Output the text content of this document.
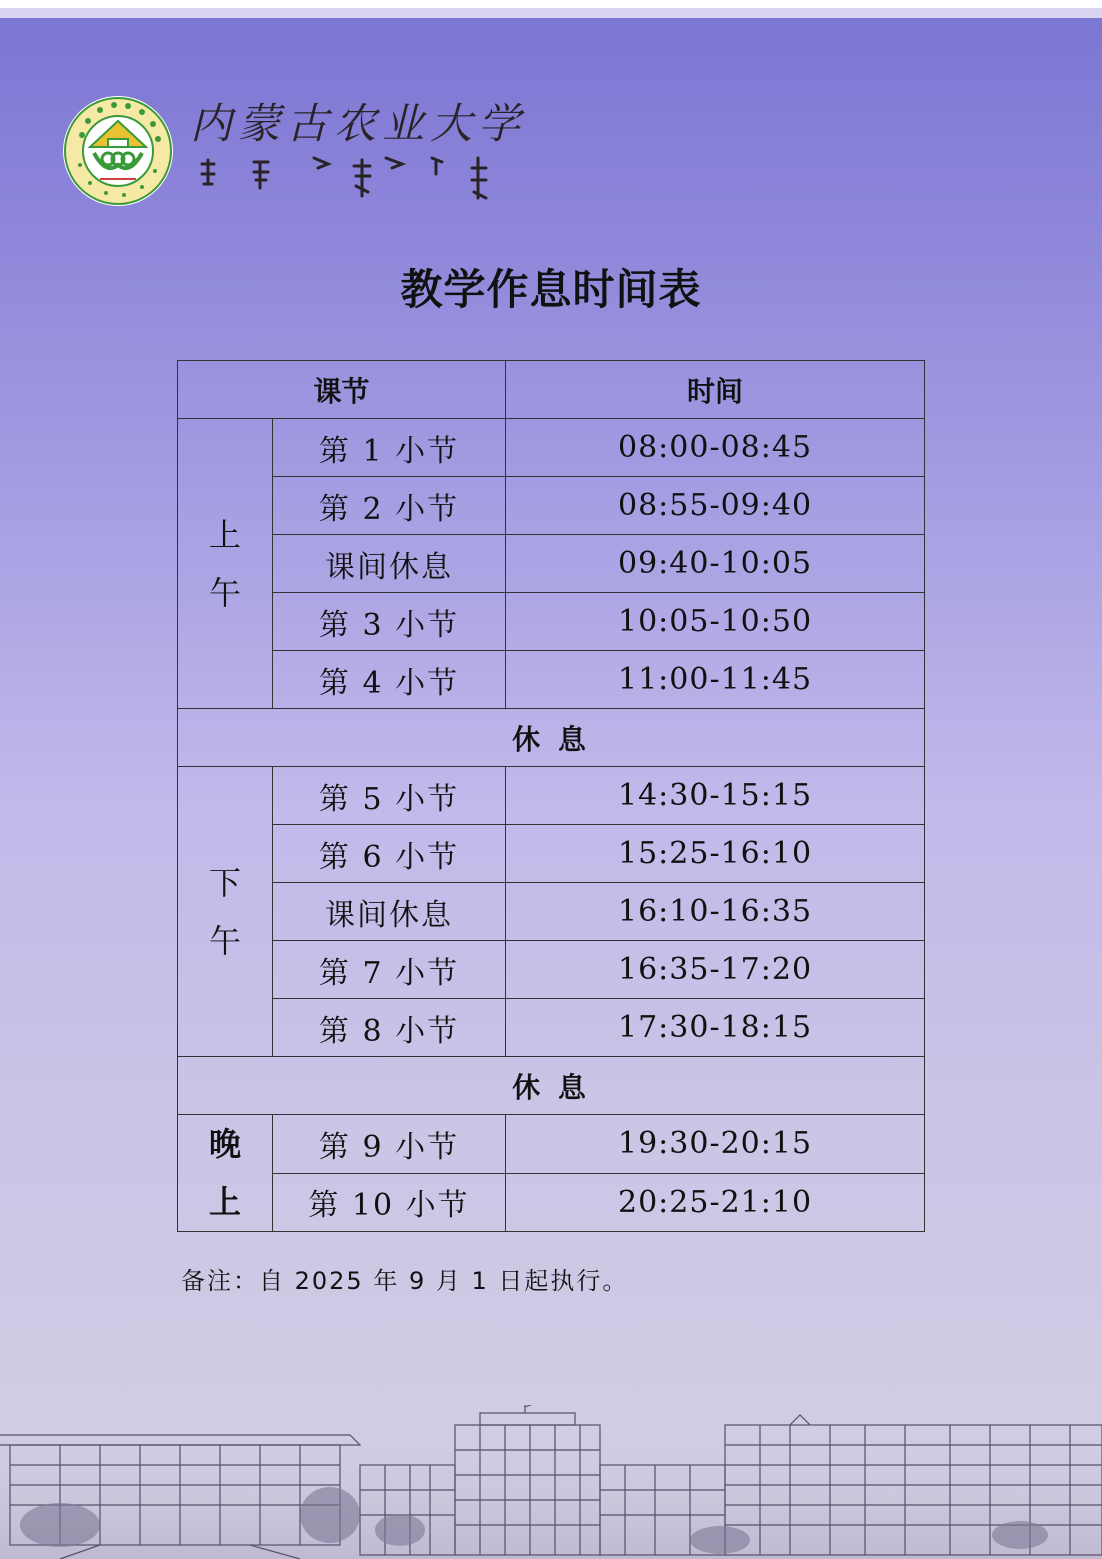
内蒙古农业大学
教学作息时间表
课节		时间

上
午	第 1 小节	08:00-08:45
	第 2 小节	08:55-09:40
	课间休息	09:40-10:05
	第 3 小节	10:05-10:50
	第 4 小节	11:00-11:45
休 息		

下
午	第 5 小节	14:30-15:15
	第 6 小节	15:25-16:10
	课间休息	16:10-16:35
	第 7 小节	16:35-17:20
	第 8 小节	17:30-18:15
休 息		

晚
上	第 9 小节	19:30-20:15
	第 10 小节	20:25-21:10
备注：自 2025 年 9 月 1 日起执行。
